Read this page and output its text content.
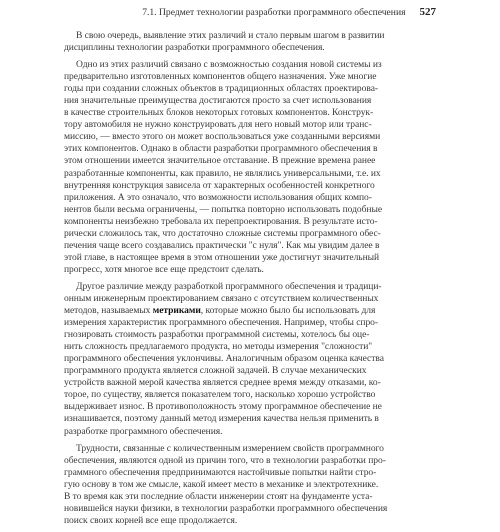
7.1. Предмет технологии разработки программного обеспечения 527

В свою очередь, выявление этих различий и стало первым шагом в развитии
дисциплины технологии разработки программного обеспечения.

Одно из этих различий связано с возможностью создания новой системы из
предварительно изготовленных компонентов общего назначения. Уже многие
годы при создании сложных объектов в традиционных областях проектирова-
ния значительные преимущества достигаются просто за счет использования
в качестве строительных блоков некоторых готовых компонентов. Конструк-
тору автомобиля не нужно конструировать для него новый мотор или транс-
миссию, — вместо этого он может воспользоваться уже созданными версиями
этих компонентов. Однако в области разработки программного обеспечения в
этом отношении имеется значительное отставание. В прежние времена ранее
разработанные компоненты, как правило, не являлись универсальными, т.е. их
внутренняя конструкция зависела от характерных особенностей конкретного
приложения. А это означало, что возможности использования общих компо-
нентов были весьма ограничены, — попытка повторно использовать подобные
компоненты неизбежно требовала их перепроектирования. В результате исто-
рически сложилось так, что достаточно сложные системы программного обес-
печения чаще всего создавались практически "с нуля". Как мы увидим далее в
этой главе, в настоящее время в этом отношении уже достигнут значительный
прогресс, хотя многое все еще предстоит сделать.

Другое различие между разработкой программного обеспечения и традици-
онным инженерным проектированием связано с отсутствием количественных
методов, называемых метриками, которые можно было бы использовать для
измерения характеристик программного обеспечения. Например, чтобы спро-
гнозировать стоимость разработки программной системы, хотелось бы оце-
нить сложность предлагаемого продукта, но методы измерения "сложности"
программного обеспечения уклончивы. Аналогичным образом оценка качества
программного продукта является сложной задачей. В случае механических
устройств важной мерой качества является среднее время между отказами, ко-
торое, по существу, является показателем того, насколько хорошо устройство
выдерживает износ. В противоположность этому программное обеспечение не
изнашивается, поэтому данный метод измерения качества нельзя применить в
разработке программного обеспечения.

Трудности, связанные с количественным измерением свойств программного
обеспечения, являются одной из причин того, что в технологии разработки про-
граммного обеспечения предпринимаются настойчивые попытки найти стро-
гую основу в том же смысле, какой имеет место в механике и электротехнике.
В то время как эти последние области инженерии стоят на фундаменте уста-
новившейся науки физики, в технологии разработки программного обеспечения
поиск своих корней все еще продолжается.
